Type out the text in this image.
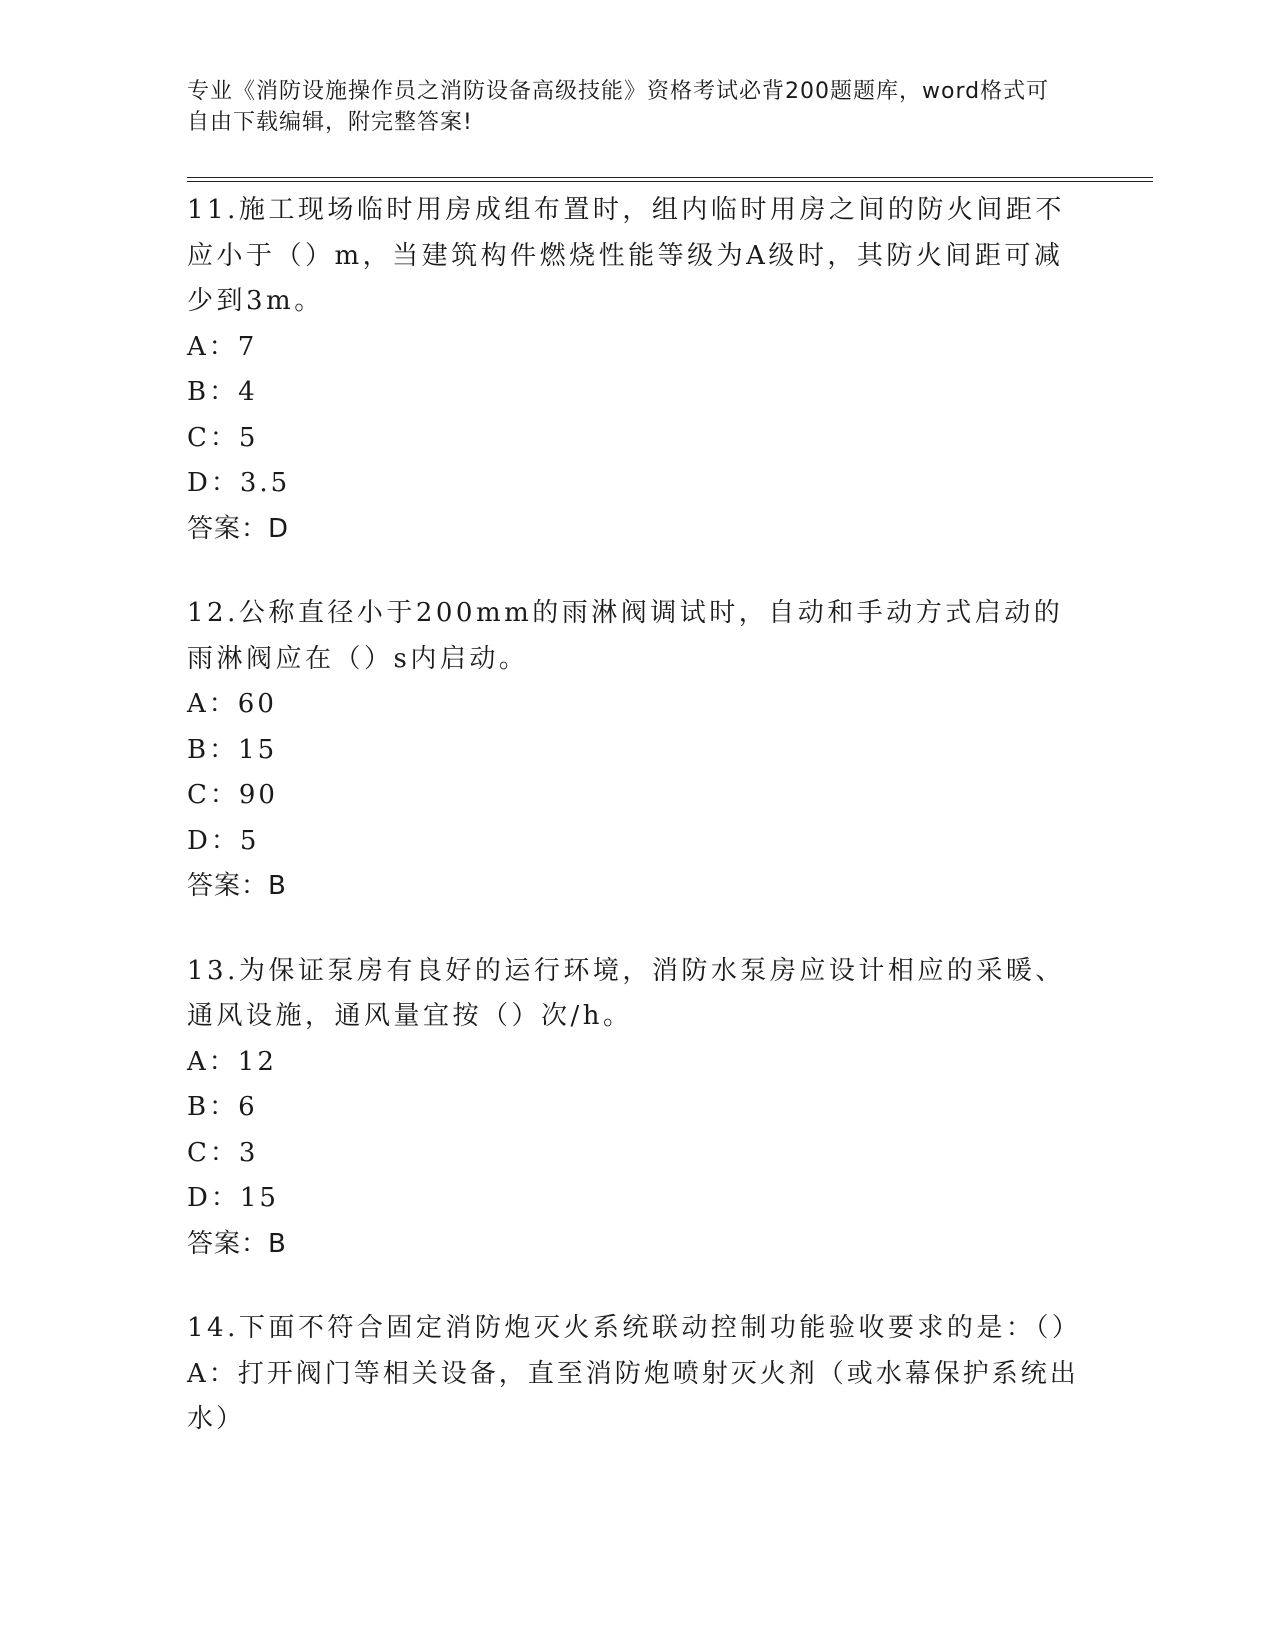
专业《消防设施操作员之消防设备高级技能》资格考试必背200题题库，word格式可自由下载编辑，附完整答案!

11.施工现场临时用房成组布置时，组内临时用房之间的防火间距不应小于（）m，当建筑构件燃烧性能等级为A级时，其防火间距可减少到3m。

A：7

B：4

C：5

D：3.5

答案：D

12.公称直径小于200mm的雨淋阀调试时，自动和手动方式启动的雨淋阀应在（）s内启动。

A：60

B：15

C：90

D：5

答案：B

13.为保证泵房有良好的运行环境，消防水泵房应设计相应的采暖、通风设施，通风量宜按（）次/h。

A：12

B：6

C：3

D：15

答案：B

14.下面不符合固定消防炮灭火系统联动控制功能验收要求的是：（）

A：打开阀门等相关设备，直至消防炮喷射灭火剂（或水幕保护系统出水）
